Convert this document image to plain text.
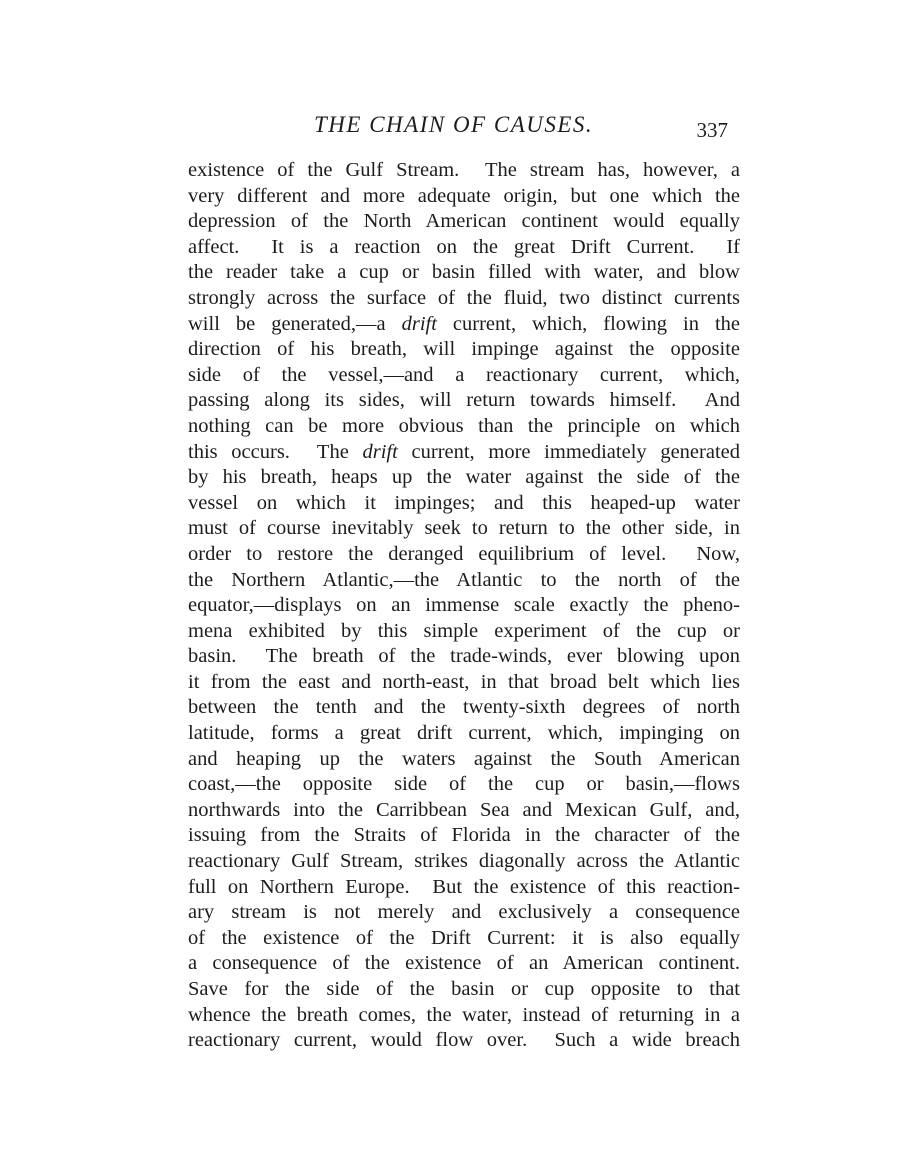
THE CHAIN OF CAUSES.	337
existence of the Gulf Stream.  The stream has, however, a
very different and more adequate origin, but one which the
depression of the North American continent would equally
affect.  It is a reaction on the great Drift Current.  If
the reader take a cup or basin filled with water, and blow
strongly across the surface of the fluid, two distinct currents
will be generated,—a drift current, which, flowing in the
direction of his breath, will impinge against the opposite
side of the vessel,—and a reactionary current, which,
passing along its sides, will return towards himself.  And
nothing can be more obvious than the principle on which
this occurs.  The drift current, more immediately generated
by his breath, heaps up the water against the side of the
vessel on which it impinges; and this heaped-up water
must of course inevitably seek to return to the other side, in
order to restore the deranged equilibrium of level.  Now,
the Northern Atlantic,—the Atlantic to the north of the
equator,—displays on an immense scale exactly the pheno-
mena exhibited by this simple experiment of the cup or
basin.  The breath of the trade-winds, ever blowing upon
it from the east and north-east, in that broad belt which lies
between the tenth and the twenty-sixth degrees of north
latitude, forms a great drift current, which, impinging on
and heaping up the waters against the South American
coast,—the opposite side of the cup or basin,—flows
northwards into the Carribbean Sea and Mexican Gulf, and,
issuing from the Straits of Florida in the character of the
reactionary Gulf Stream, strikes diagonally across the Atlantic
full on Northern Europe.  But the existence of this reaction-
ary stream is not merely and exclusively a consequence
of the existence of the Drift Current: it is also equally
a consequence of the existence of an American continent.
Save for the side of the basin or cup opposite to that
whence the breath comes, the water, instead of returning in a
reactionary current, would flow over.  Such a wide breach
